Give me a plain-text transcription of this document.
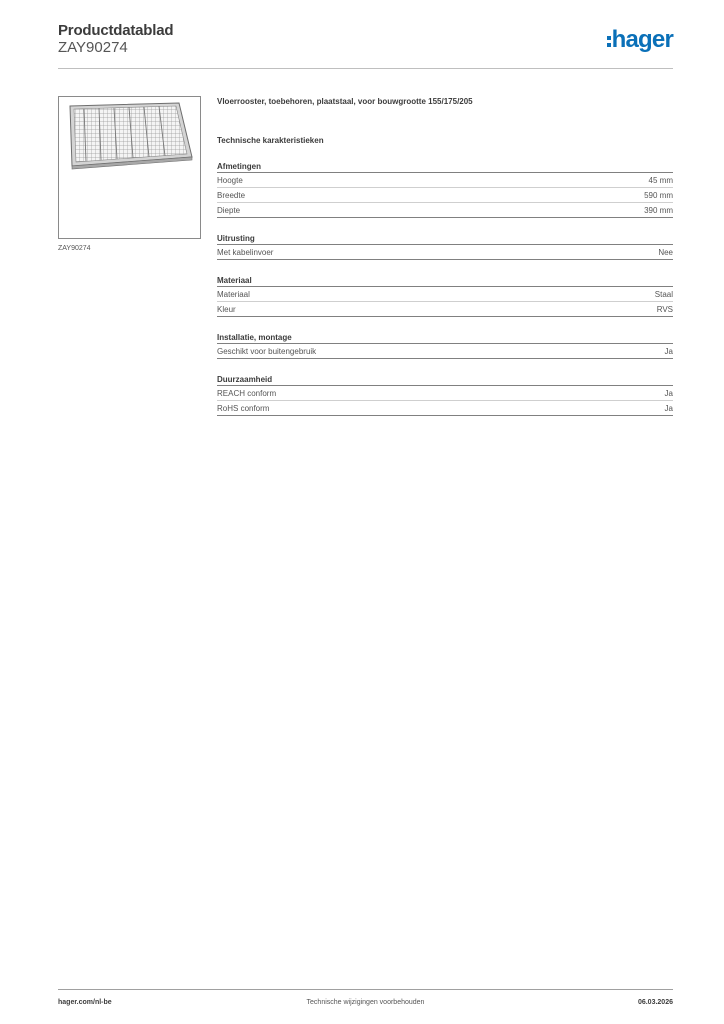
Productdatablad
ZAY90274	hager
ZAY90274
Vloerrooster, toebehoren, plaatstaal, voor bouwgrootte 155/175/205
Technische karakteristieken
Afmetingen
Hoogte	45 mm
Breedte	590 mm
Diepte	390 mm
Uitrusting
Met kabelinvoer	Nee
Materiaal
Materiaal	Staal
Kleur	RVS
Installatie, montage
Geschikt voor buitengebruik	Ja
Duurzaamheid
REACH conform	Ja
RoHS conform	Ja
hager.com/nl-be	Technische wijzigingen voorbehouden	06.03.2026
